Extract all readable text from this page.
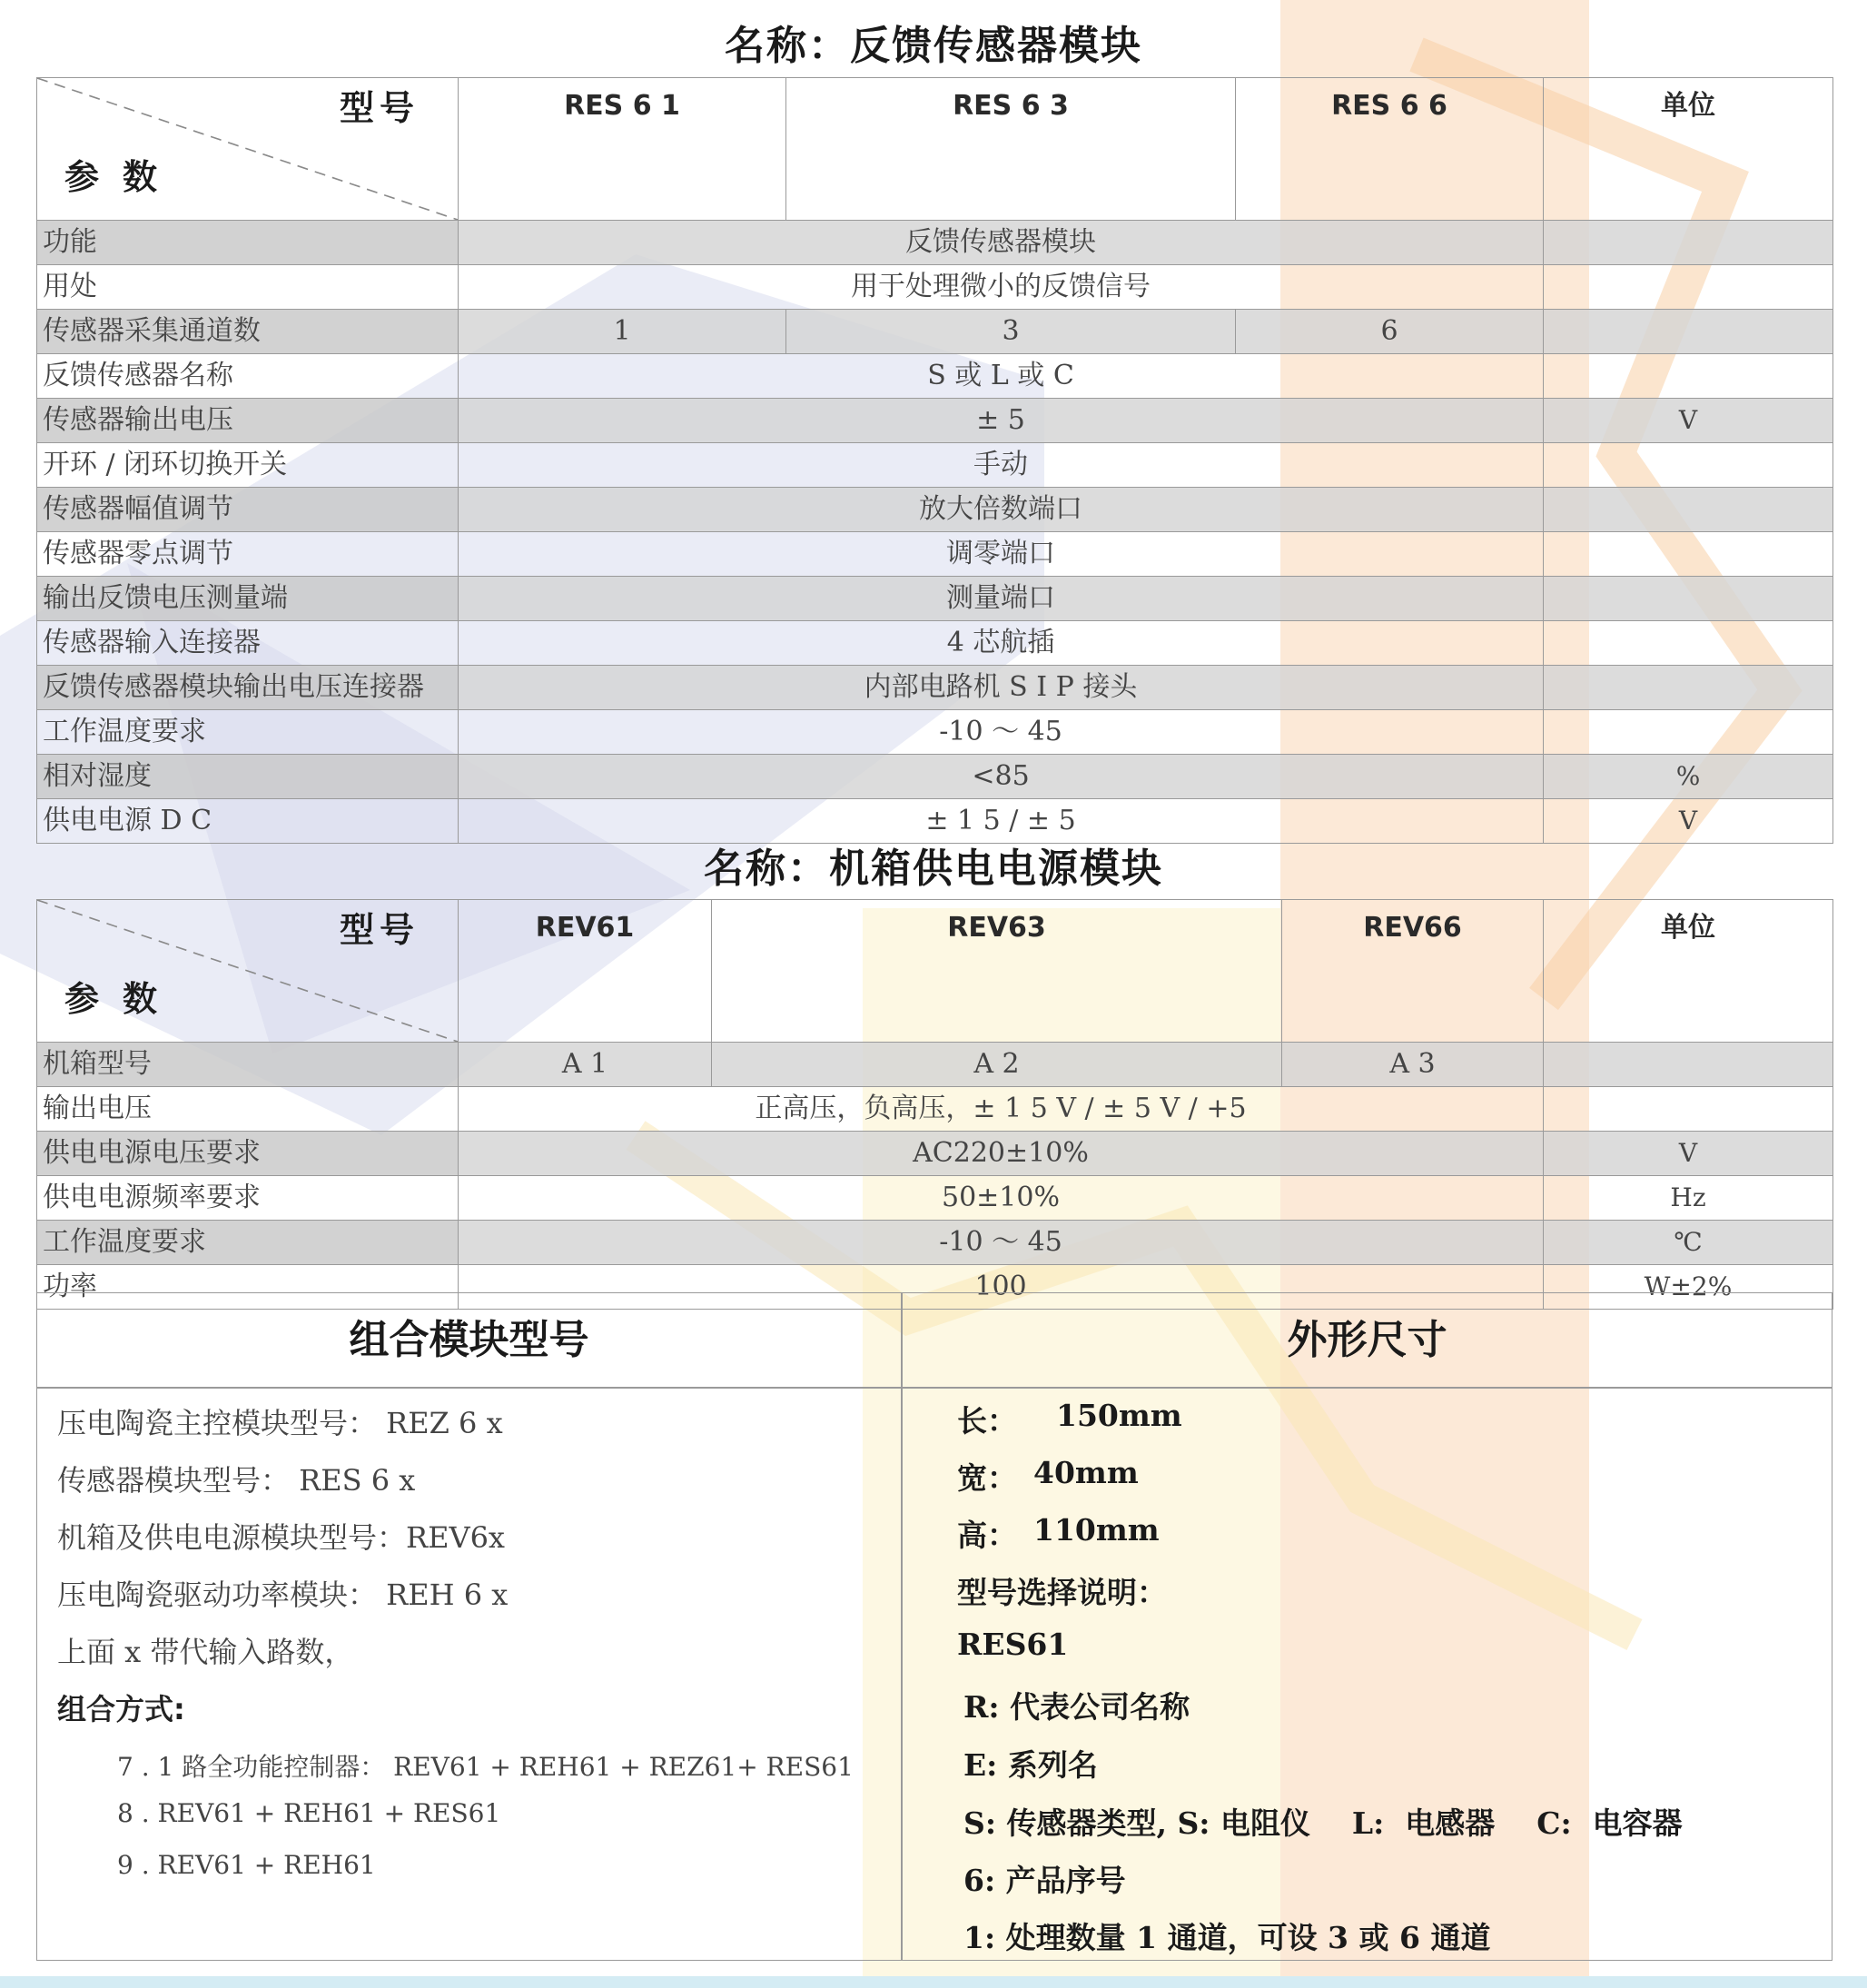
名称：反馈传感器模块
型号
参数	RES 6 1	RES 6 3	RES 6 6	单位
功能	反馈传感器模块			
用处	用于处理微小的反馈信号			
传感器采集通道数	1	3	6	
反馈传感器名称	S 或 L 或 C			
传感器输出电压	± 5			V
开环 / 闭环切换开关	手动			
传感器幅值调节	放大倍数端口			
传感器零点调节	调零端口			
输出反馈电压测量端	测量端口			
传感器输入连接器	4 芯航插			
反馈传感器模块输出电压连接器	内部电路机 S I P 接头			
工作温度要求	-10 ～ 45			
相对湿度	<85			%
供电电源 D C	± 1 5 / ± 5			V
名称：机箱供电电源模块
型号
参数	REV61	REV63	REV66	单位
机箱型号	A 1	A 2	A 3	
输出电压	正高压，负高压，± 1 5 V / ± 5 V / +5			
供电电源电压要求	AC220±10%			V
供电电源频率要求	50±10%			Hz
工作温度要求	-10 ～ 45			℃
功率	100			W±2%
组合模块型号	外形尺寸
压电陶瓷主控模块型号： REZ 6 x
传感器模块型号： RES 6 x
机箱及供电电源模块型号：REV6x
压电陶瓷驱动功率模块： REH 6 x
上面 x 带代输入路数，
组合方式:
7 . 1 路全功能控制器： REV61 + REH61 + REZ61+ RES61
8 . REV61 + REH61 + RES61
9 . REV61 + REH61
长： 150mm
宽： 40mm
高： 110mm
型号选择说明：
RES61
R: 代表公司名称
E: 系列名
S: 传感器类型, S: 电阻仪    L:  电感器    C:  电容器
6: 产品序号
1: 处理数量 1 通道，可设 3 或 6 通道
